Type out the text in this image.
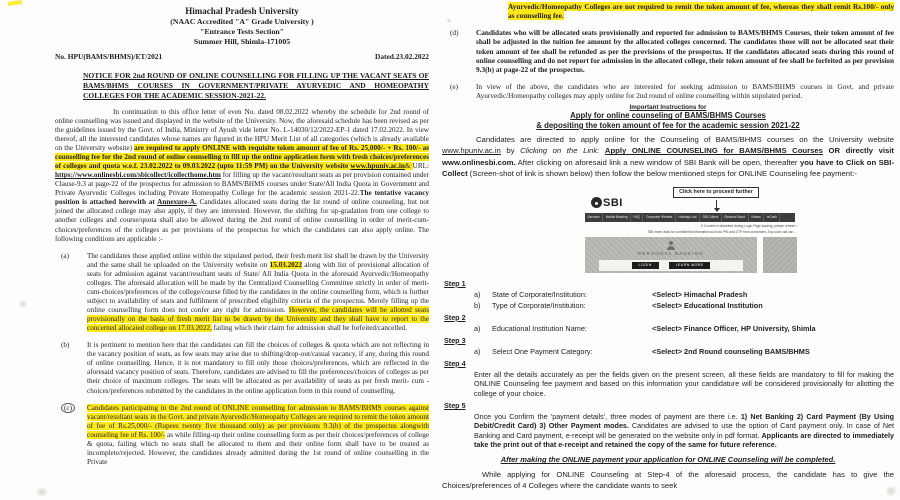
Himachal Pradesh University
(NAAC Accredited "A" Grade University )
"Entrance Tests Section"
Summer Hill, Shimla-171005
No. HPU(BAMS/BHMS)/ET/2021	Dated.23.02.2022
NOTICE FOR 2nd ROUND OF ONLINE COUNSELLING FOR FILLING UP THE VACANT SEATS OF BAMS/BHMS COURSES IN GOVERNMENT/PRIVATE AYURVEDIC AND HOMEOPATHY COLLEGES FOR THE ACADEMIC SESSION-2021-22.
In continuation to this office letter of even No. dated 08.02.2022 whereby the schedule for 2nd round of online counselling was issued and displayed in the website of the University. Now, the aforesaid schedule has been revised as per the guidelines issued by the Govt. of India, Ministry of Ayush vide letter No. L-14030/12/2022-EP-1 dated 17.02.2022. In view thereof, all the interested candidates whose names are figured in the HPU Merit List of all categories (which is already available on the University website) are required to apply ONLINE with requisite token amount of fee of Rs. 25,000/- + Rs. 100/- as counselling fee for the 2nd round of online counselling to fill up the online application form with fresh choices/preferences of colleges and quota w.e.f. 23.02.2022 to 09.03.2022 (upto 11:59 PM) on the University website www.hpuniv.ac.in& URL: https://www.onlinesbi.com/sbicollect/icollecthome.htm for filling up the vacant/resultant seats as per provision contained under Clause-9.3 at page-22 of the prospectus for admission to BAMS/BHMS courses under State/All India Quota in Government and Private Ayurvedic Colleges including Private Homeopathy College for the academic session 2021-22.The tentative vacancy position is attached herewith at Annexure-A. Candidates allocated seats during the Ist round of online counseling, but not joined the allocated college may also apply, if they are interested. However, the shifting for up-gradation from one college to another colleges and course/quota shall also be allowed during the 2nd round of online counselling in order of merit-cum-choices/preferences of the colleges as per provisions of the prospectus for which the candidates can also apply online. The following conditions are applicable :-
(a)	The candidates those applied online within the stipulated period, their fresh merit list shall be drawn by the University and the same shall be uploaded on the University website on 15.03.2022 along with list of provisional allocation of seats for admission against vacant/resultant seats of State/ All India Quota in the aforesaid Ayurvedic/Homeopathy colleges. The aforesaid allocation will be made by the Centralized Counselling Committee strictly in order of merit-cum-choices/preferences of the college/course filled by the candidates in the online counselling form, which is further subject to availability of seats and fulfilment of prescribed eligibility criteria of the prospectus. Merely filling up the online counselling form does not confer any right for admission. However, the candidates will be allotted seats provisionally on the basis of fresh merit list to be drawn by the University and they shall have to report to the concerned allocated college on 17.03.2022, failing which their claim for admission shall be forfeited/cancelled.
(b)	It is pertinent to mention here that the candidates can fill the choices of colleges & quota which are not reflecting in the vacancy position of seats, as few seats may arise due to shifting/drop-out/casual vacancy, if any, during this round of online counselling. Hence, it is not mandatory to fill only those choices/preferences, which are reflected in the aforesaid vacancy position of seats. Therefore, candidates are advised to fill the preferences/choices of colleges as per their choice of maximum colleges. The seats will be allocated as per availability of seats as per fresh merit- cum -choices/preferences submitted by the candidates in the online application form in this round of counselling.
(c)	Candidates participating in the 2nd round of ONLINE counselling for admission to BAMS/BHMS courses against vacant/resultant seats in the Govt. and private Ayurvedic/Homeopathy Colleges are required to remit the token amount of fee of Rs.25,000/- (Rupees twenty five thousand only) as per provisions 9.3(b) of the prospectus alongwith counseling fee of Rs. 100/- as while filling-up their online counselling form as per their choices/preferences of college & quota, failing which no seats shall be allocated to them and their online form shall have to be treated as incomplete/rejected. However, the candidates already admitted during the 1st round of online counselling in the Private
Ayurvedic/Homeopathy Colleges are not required to remit the token amount of fee, whereas they shall remit Rs.100/- only as counselling fee.
(d)	Candidates who will be allocated seats provisionally and reported for admission to BAMS/BHMS Courses, their token amount of fee shall be adjusted in the tuition fee amount by the allocated colleges concerned. The candidates those will not be allocated seat their token amount of fee shall be refunded as per the provisions of the prospectus. If the candidates allocated seats during this round of online counselling and do not report for admission in the allocated college, their token amount of fee shall be forfeited as per provision 9.3(b) at page-22 of the prospectus.
(e)	In view of the above, the candidates who are interested for seeking admission to BAMS/BHMS courses in Govt. and private Ayurvedic/Homeopathy colleges may apply online for 2nd round of online counselling within stipulated period.
Important Instructions for
Apply for online counseling of BAMS/BHMS Courses
& depositing the token amount of fee for the academic session 2021-22
Candidates are directed to apply online for the Counseling of BAMS/BHMS courses on the University website www.hpuniv.ac.in by Clicking on the Link: Apply ONLINE COUNSELING for BAMS/BHMS Courses OR directly visit www.onlinesbi.com. After clicking on aforesaid link a new window of SBI Bank will be open, thereafter you have to Click on SBI-Collect (Screen-shot of link is shown below) then follow the below mentioned steps for ONLINE Counseling fee payment:-
Click here to proceed further
SBI
Services	Mobile Banking	FAQ	Corporate Website	Holidays List	SBI Collect	Electoral Bond	Videos	mCash
If Content is disturbed during Login Page loading, please refresh !
SBI never asks for confidential information such as PIN and OTP from customers. Any such call can ...
PERSONAL BANKING
LOGIN	LEARN MORE
Step 1
a)	State of Corporate/Institution:	<Select> Himachal Pradesh
b)	Type of Corporate/Institution:	<Select> Educational Institution
Step 2
a)	Educational Institution Name:	<Select> Finance Officer, HP University, Shimla
Step 3
a)	Select One Payment Category:	<Select> 2nd Round counseling BAMS/BHMS
Step 4
Enter all the details accurately as per the fields given on the present screen, all these fields are mandatory to fill for making the ONLINE Counseling fee payment and based on this information your candidature will be considered provisionally for allotting the college of your choice.
Step 5
Once you Confirm the 'payment details', three modes of payment are there i.e. 1) Net Banking 2) Card Payment (By Using Debit/Credit Card) 3) Other Payment modes. Candidates are advised to use the option of Card payment only. In case of Net Banking and Card payment, e-receipt will be generated on the website only in pdf format. Applicants are directed to immediately take the print out of that e-receipt and retained the copy of the same for future reference.
After making the ONLINE payment your application for ONLINE Counseling will be completed.
While applying for ONLINE Counseling at Step-4 of the aforesaid process, the candidate has to give the Choices/preferences of 4 Colleges where the candidate wants to seek
